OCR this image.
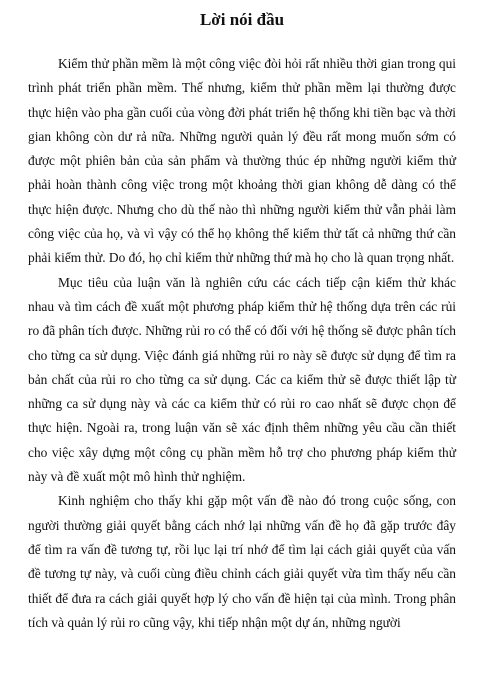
Lời nói đầu

Kiểm thử phần mềm là một công việc đòi hỏi rất nhiều thời gian trong qui trình phát triển phần mềm. Thế nhưng, kiểm thử phần mềm lại thường được thực hiện vào pha gần cuối của vòng đời phát triển hệ thống khi tiền bạc và thời gian không còn dư rả nữa. Những người quản lý đều rất mong muốn sớm có được một phiên bản của sản phẩm và thường thúc ép những người kiểm thử phải hoàn thành công việc trong một khoảng thời gian không dễ dàng có thể thực hiện được. Nhưng cho dù thế nào thì những người kiểm thử vẫn phải làm công việc của họ, và vì vậy có thể họ không thể kiểm thử tất cả những thứ cần phải kiểm thử. Do đó, họ chỉ kiểm thử những thứ mà họ cho là quan trọng nhất.

Mục tiêu của luận văn là nghiên cứu các cách tiếp cận kiểm thử khác nhau và tìm cách đề xuất một phương pháp kiểm thử hệ thống dựa trên các rủi ro đã phân tích được. Những rủi ro có thể có đối với hệ thống sẽ được phân tích cho từng ca sử dụng. Việc đánh giá những rủi ro này sẽ được sử dụng để tìm ra bản chất của rủi ro cho từng ca sử dụng. Các ca kiểm thử sẽ được thiết lập từ những ca sử dụng này và các ca kiểm thử có rủi ro cao nhất sẽ được chọn để thực hiện. Ngoài ra, trong luận văn sẽ xác định thêm những yêu cầu cần thiết cho việc xây dựng một công cụ phần mềm hỗ trợ cho phương pháp kiểm thử này và đề xuất một mô hình thử nghiệm.

Kinh nghiệm cho thấy khi gặp một vấn đề nào đó trong cuộc sống, con người thường giải quyết bằng cách nhớ lại những vấn đề họ đã gặp trước đây để tìm ra vấn đề tương tự, rồi lục lại trí nhớ để tìm lại cách giải quyết của vấn đề tương tự này, và cuối cùng điều chỉnh cách giải quyết vừa tìm thấy nếu cần thiết để đưa ra cách giải quyết hợp lý cho vấn đề hiện tại của mình. Trong phân tích và quản lý rủi ro cũng vậy, khi tiếp nhận một dự án, những người
